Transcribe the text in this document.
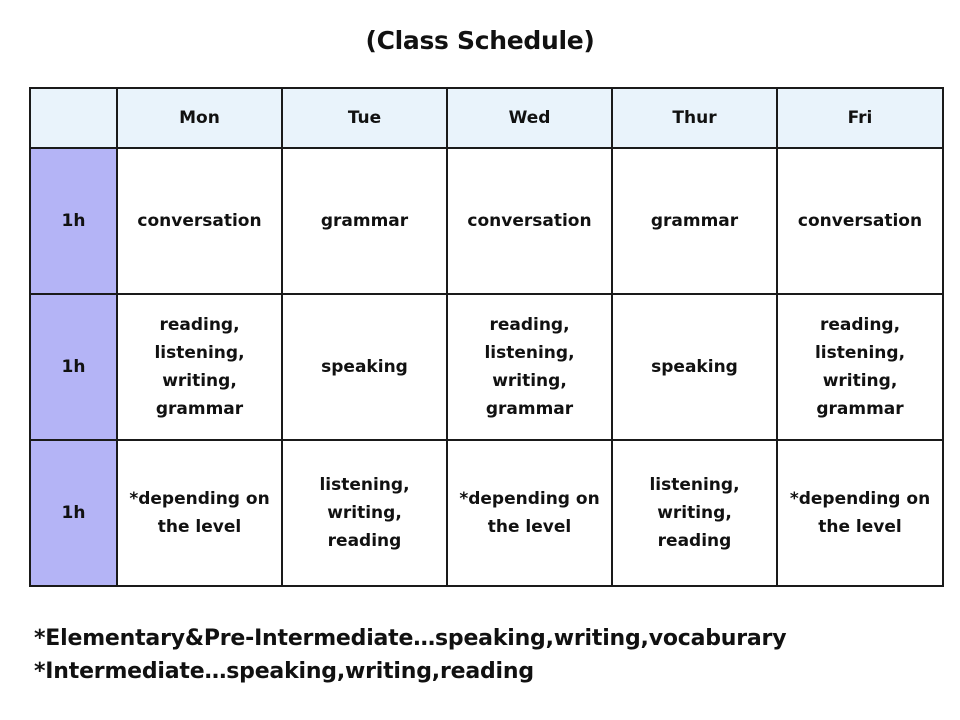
(Class Schedule)
	Mon	Tue	Wed	Thur	Fri
1h	conversation	grammar	conversation	grammar	conversation
1h	reading,
listening,
writing,
grammar	speaking	reading,
listening,
writing,
grammar	speaking	reading,
listening,
writing,
grammar
1h	*depending on
the level	listening,
writing,
reading	*depending on
the level	listening,
writing,
reading	*depending on
the level
*Elementary&Pre-Intermediate…speaking,writing,vocaburary
*Intermediate…speaking,writing,reading
